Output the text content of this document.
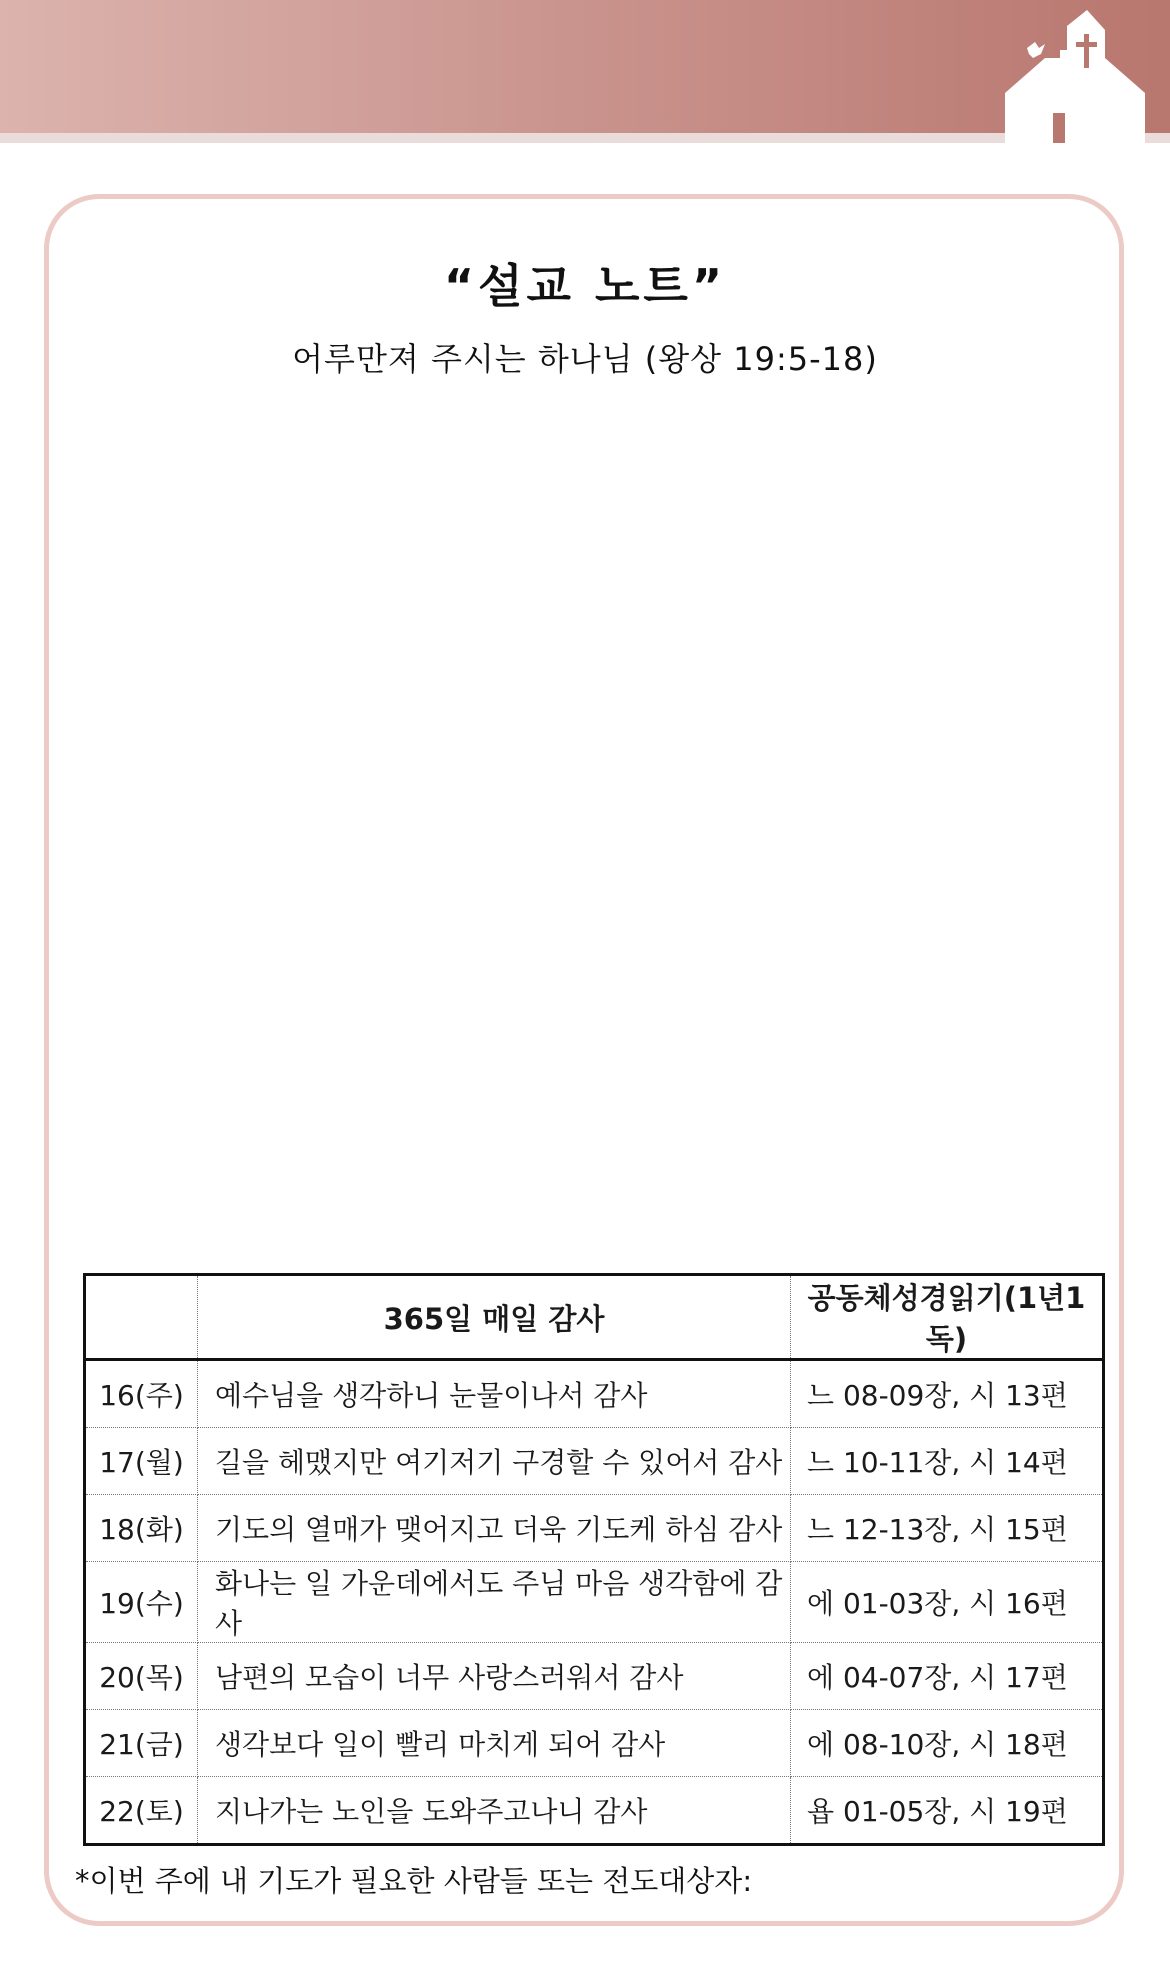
“설교 노트”
어루만져 주시는 하나님 (왕상 19:5-18)
	365일 매일 감사	공동체성경읽기(1년1독)
16(주)	예수님을 생각하니 눈물이나서 감사	느 08-09장, 시 13편
17(월)	길을 헤맸지만 여기저기 구경할 수 있어서 감사	느 10-11장, 시 14편
18(화)	기도의 열매가 맺어지고 더욱 기도케 하심 감사	느 12-13장, 시 15편
19(수)	화나는 일 가운데에서도 주님 마음 생각함에 감사	에 01-03장, 시 16편
20(목)	남편의 모습이 너무 사랑스러워서 감사	에 04-07장, 시 17편
21(금)	생각보다 일이 빨리 마치게 되어 감사	에 08-10장, 시 18편
22(토)	지나가는 노인을 도와주고나니 감사	욥 01-05장, 시 19편
*이번 주에 내 기도가 필요한 사람들 또는 전도대상자:
